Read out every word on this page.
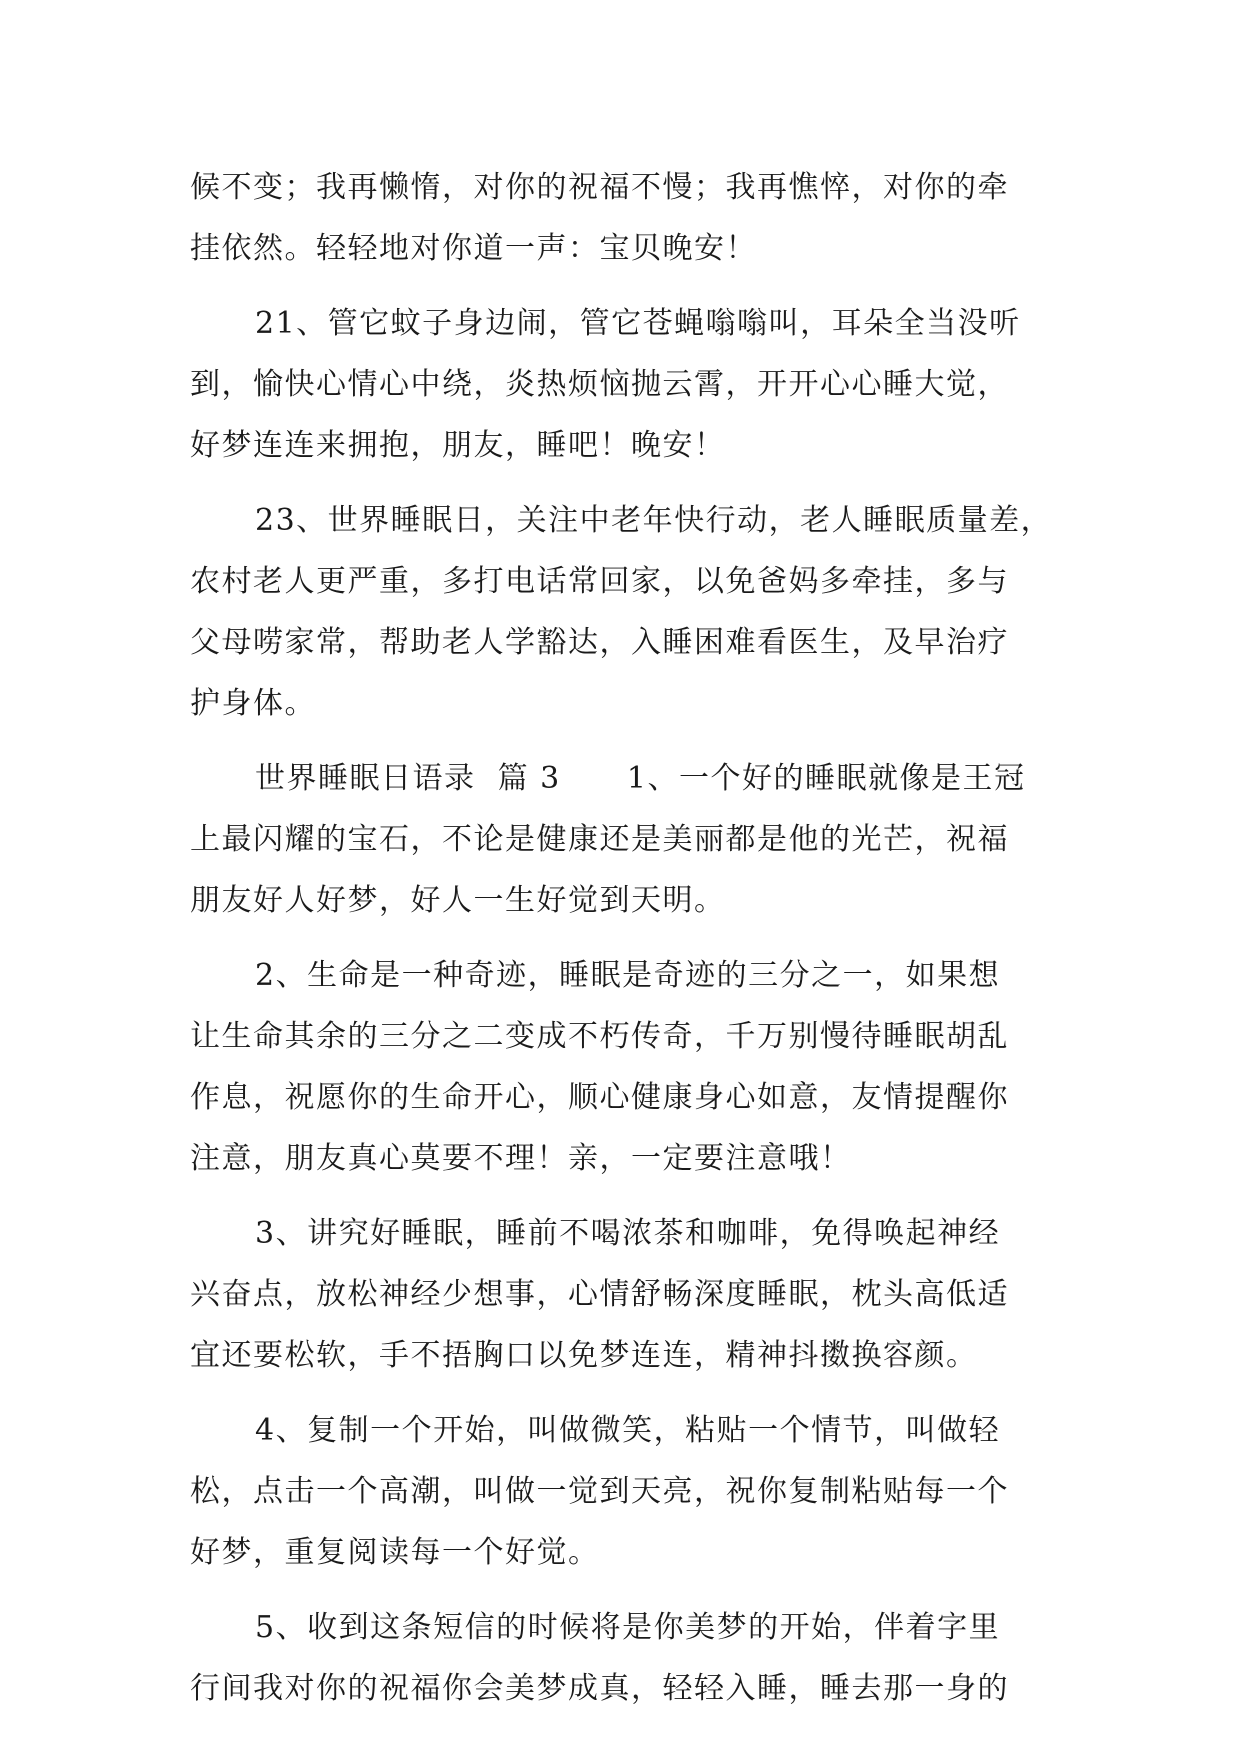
候不变；我再懒惰，对你的祝福不慢；我再憔悴，对你的牵

挂依然。轻轻地对你道一声：宝贝晚安！

21、管它蚊子身边闹，管它苍蝇嗡嗡叫，耳朵全当没听

到，愉快心情心中绕，炎热烦恼抛云霄，开开心心睡大觉，

好梦连连来拥抱，朋友，睡吧！晚安！

23、世界睡眠日，关注中老年快行动，老人睡眠质量差，

农村老人更严重，多打电话常回家，以免爸妈多牵挂，多与

父母唠家常，帮助老人学豁达，入睡困难看医生，及早治疗

护身体。

世界睡眠日语录  篇 3      1、一个好的睡眠就像是王冠

上最闪耀的宝石，不论是健康还是美丽都是他的光芒，祝福

朋友好人好梦，好人一生好觉到天明。

2、生命是一种奇迹，睡眠是奇迹的三分之一，如果想

让生命其余的三分之二变成不朽传奇，千万别慢待睡眠胡乱

作息，祝愿你的生命开心，顺心健康身心如意，友情提醒你

注意，朋友真心莫要不理！亲，一定要注意哦！

3、讲究好睡眠，睡前不喝浓茶和咖啡，免得唤起神经

兴奋点，放松神经少想事，心情舒畅深度睡眠，枕头高低适

宜还要松软，手不捂胸口以免梦连连，精神抖擞换容颜。

4、复制一个开始，叫做微笑，粘贴一个情节，叫做轻

松，点击一个高潮，叫做一觉到天亮，祝你复制粘贴每一个

好梦，重复阅读每一个好觉。

5、收到这条短信的时候将是你美梦的开始，伴着字里

行间我对你的祝福你会美梦成真，轻轻入睡，睡去那一身的
